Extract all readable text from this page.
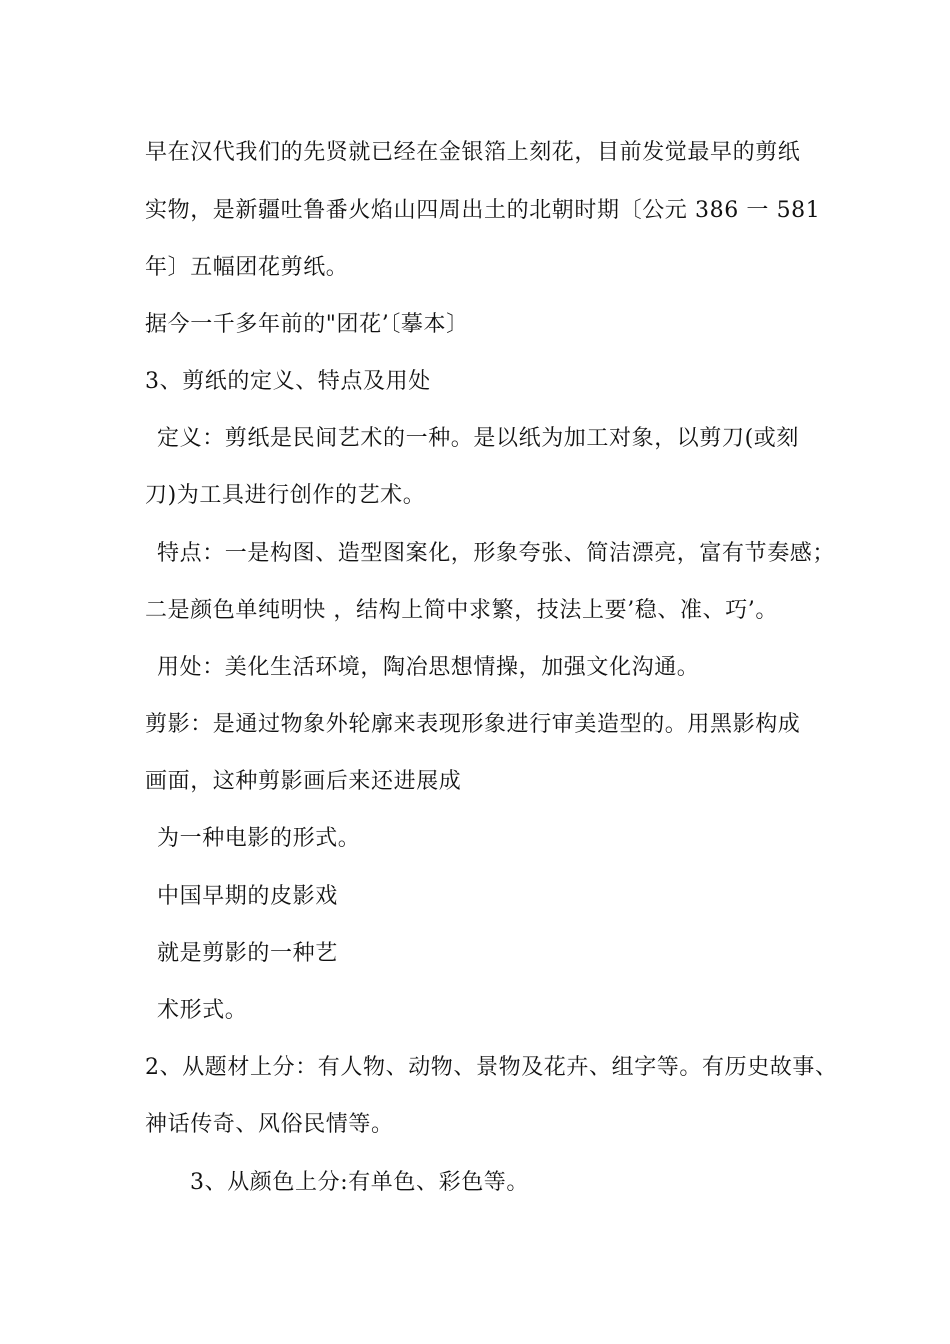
早在汉代我们的先贤就已经在金银箔上刻花，目前发觉最早的剪纸
实物，是新疆吐鲁番火焰山四周出土的北朝时期〔公元 386 一 581
年〕五幅团花剪纸。
据今一千多年前的"团花’〔摹本〕
3、剪纸的定义、特点及用处
定义：剪纸是民间艺术的一种。是以纸为加工对象，以剪刀(或刻
刀)为工具进行创作的艺术。
特点：一是构图、造型图案化，形象夸张、简洁漂亮，富有节奏感；
二是颜色单纯明快 ，结构上简中求繁，技法上要’稳、准、巧’。
用处：美化生活环境，陶冶思想情操，加强文化沟通。
剪影：是通过物象外轮廓来表现形象进行审美造型的。用黑影构成
画面，这种剪影画后来还进展成
为一种电影的形式。
中国早期的皮影戏
就是剪影的一种艺
术形式。
2、从题材上分：有人物、动物、景物及花卉、组字等。有历史故事、
神话传奇、风俗民情等。
3、从颜色上分:有单色、彩色等。
